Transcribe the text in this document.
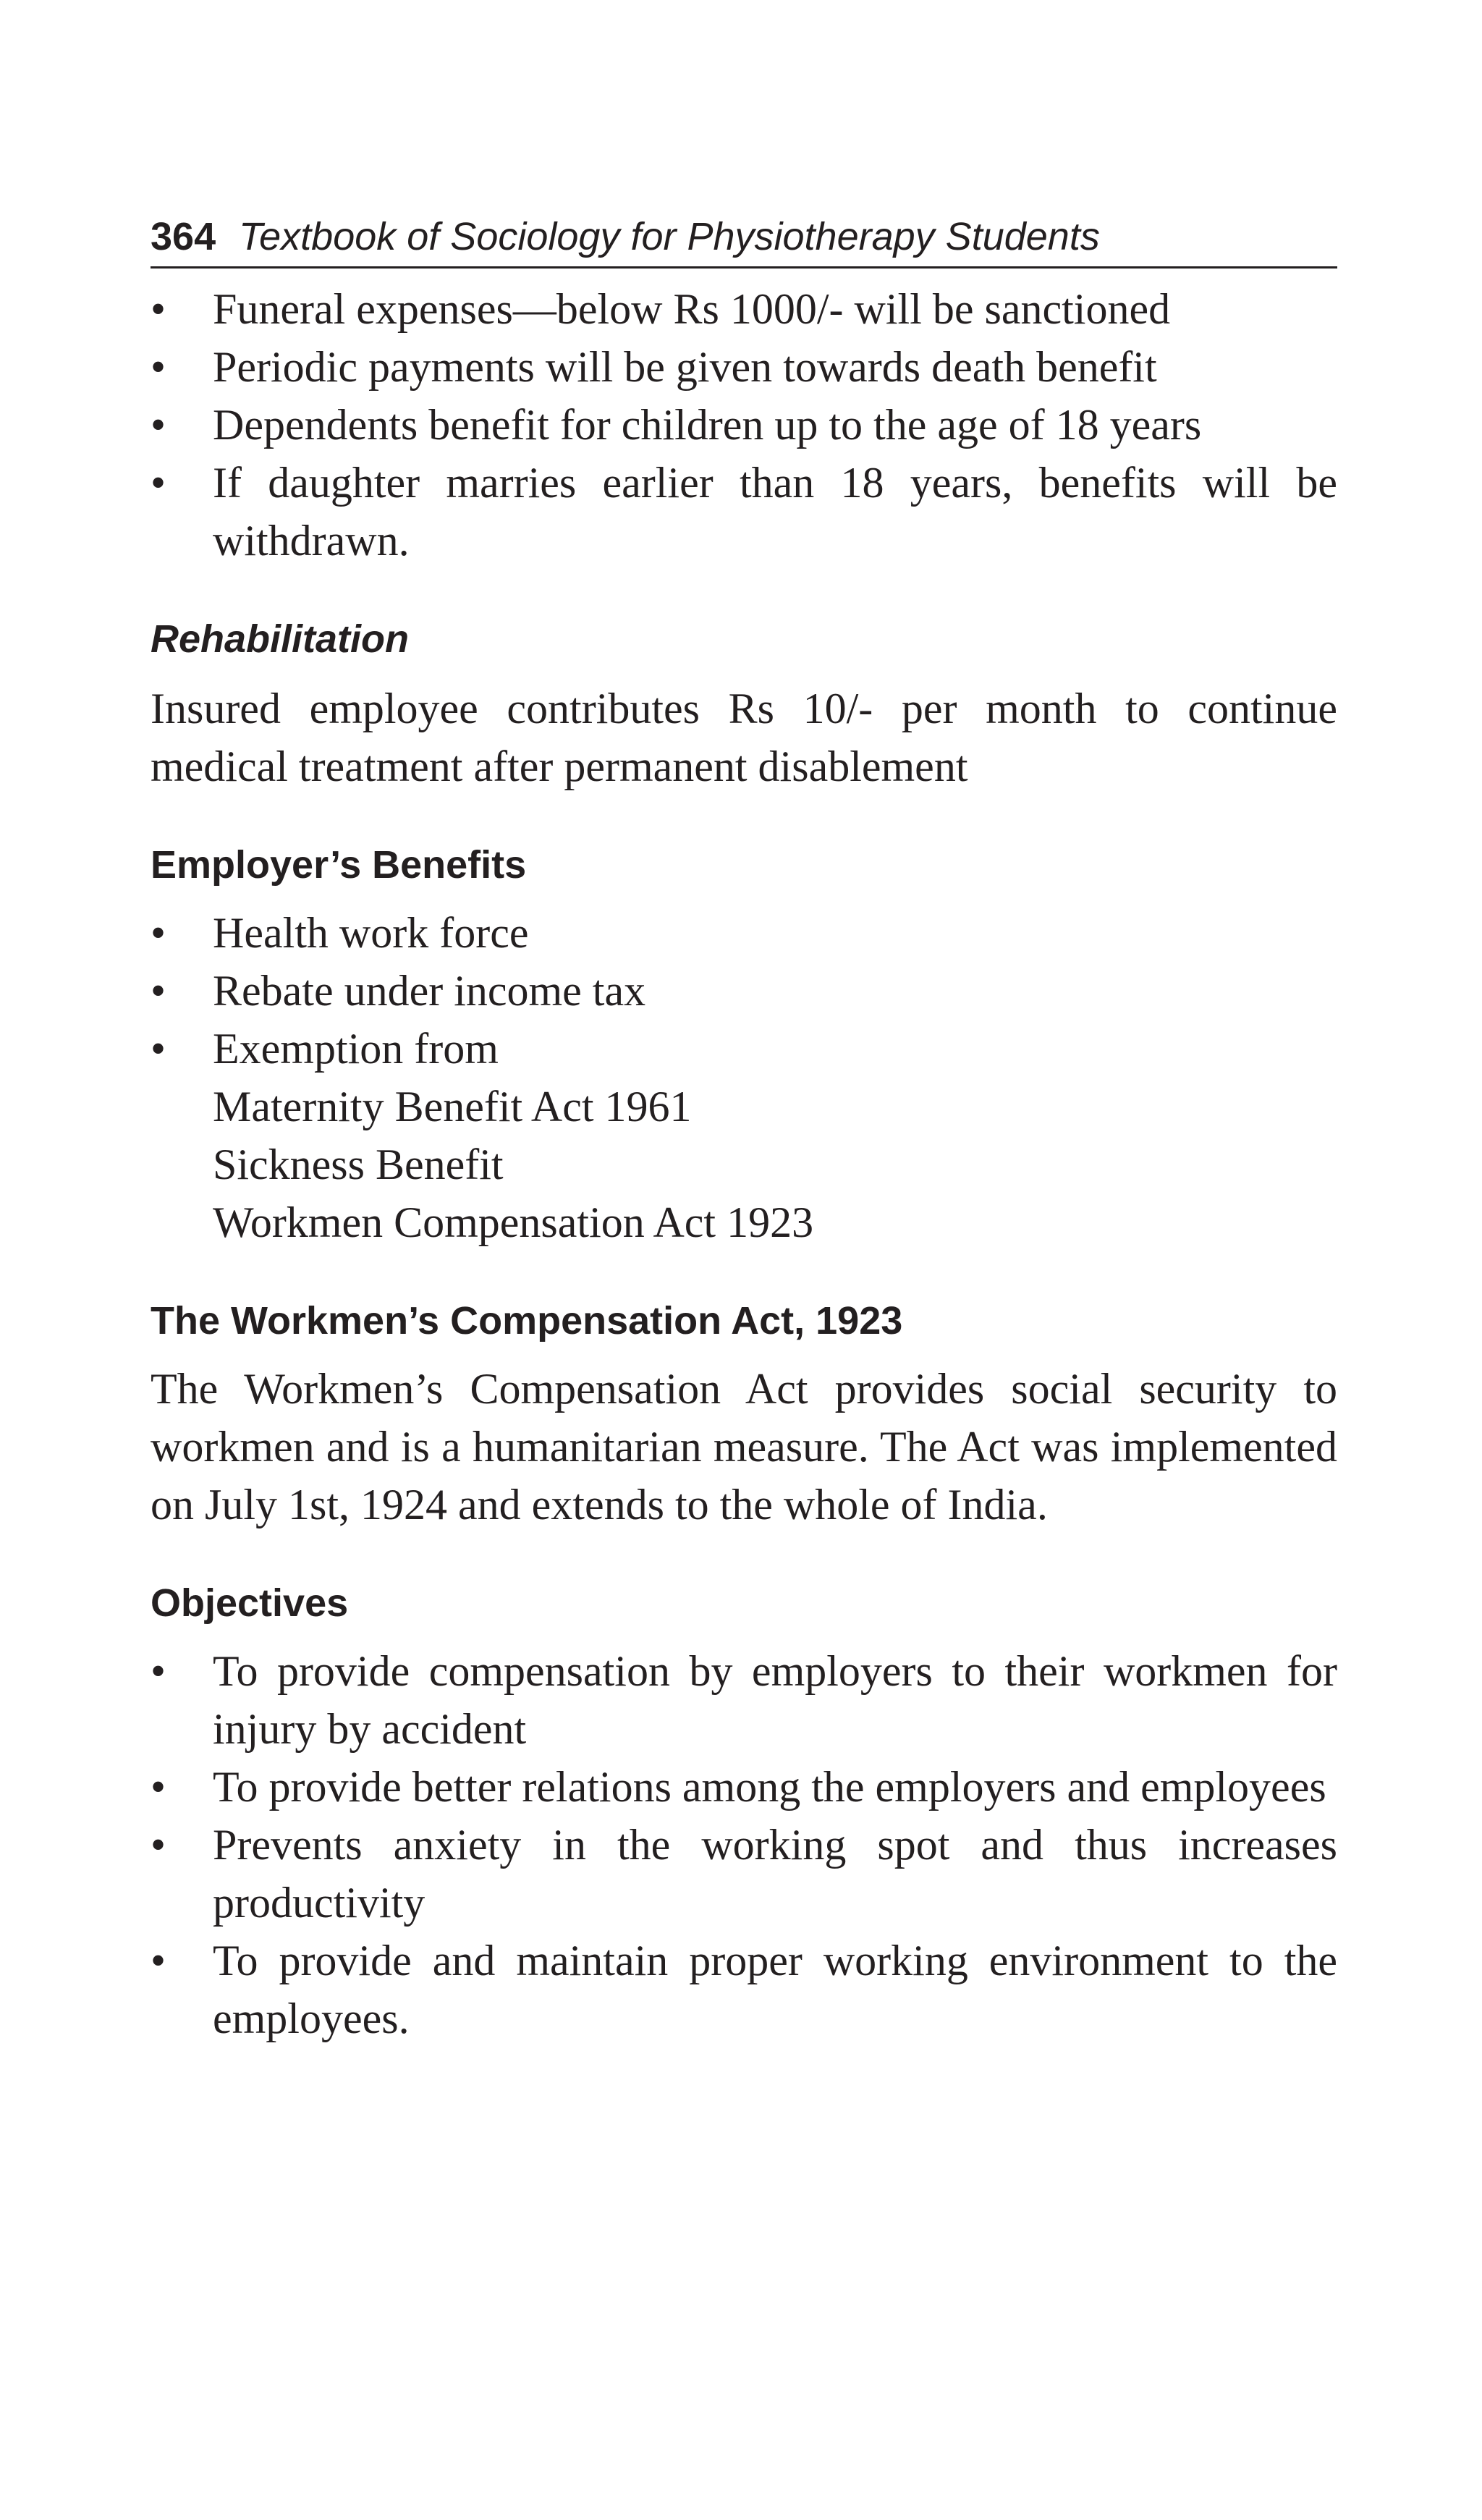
364 Textbook of Sociology for Physiotherapy Students
•	Funeral expenses—below Rs 1000/- will be sanctioned
•	Periodic payments will be given towards death benefit
•	Dependents benefit for children up to the age of 18 years
•	If daughter marries earlier than 18 years, benefits will be withdrawn.
Rehabilitation

Insured employee contributes Rs 10/- per month to continue medical treatment after permanent disablement

Employer’s Benefits
•	Health work force
•	Rebate under income tax
•	Exemption from
Maternity Benefit Act 1961
Sickness Benefit
Workmen Compensation Act 1923
The Workmen’s Compensation Act, 1923

The Workmen’s Compensation Act provides social security to workmen and is a humanitarian measure. The Act was implemented on July 1st, 1924 and extends to the whole of India.

Objectives
•	To provide compensation by employers to their workmen for injury by accident
•	To provide better relations among the employers and employees
•	Prevents anxiety in the working spot and thus increases productivity
•	To provide and maintain proper working environment to the employees.
